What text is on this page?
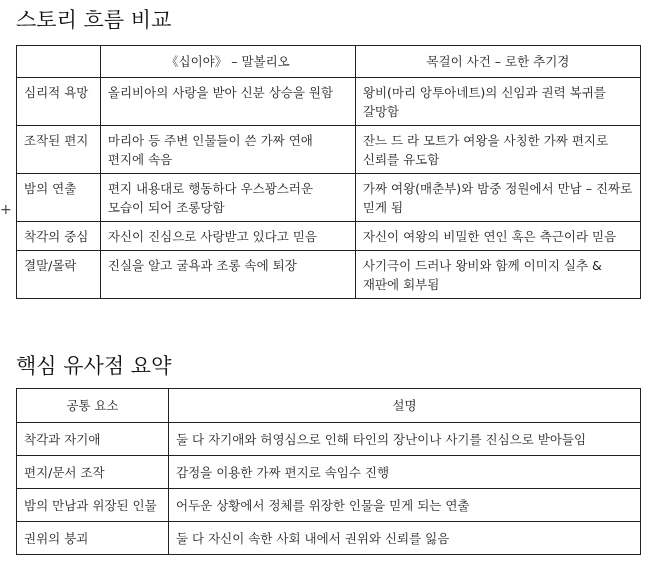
+
스토리 흐름 비교
	《십이야》 – 말볼리오	목걸이 사건 – 로한 추기경
심리적 욕망	올리비아의 사랑을 받아 신분 상승을 원함	왕비(마리 앙투아네트)의 신임과 권력 복귀를 갈망함
조작된 편지	마리아 등 주변 인물들이 쓴 가짜 연애 편지에 속음	잔느 드 라 모트가 여왕을 사칭한 가짜 편지로 신뢰를 유도함
밤의 연출	편지 내용대로 행동하다 우스꽝스러운 모습이 되어 조롱당함	가짜 여왕(매춘부)와 밤중 정원에서 만남 – 진짜로 믿게 됨
착각의 중심	자신이 진심으로 사랑받고 있다고 믿음	자신이 여왕의 비밀한 연인 혹은 측근이라 믿음
결말/몰락	진실을 알고 굴욕과 조롱 속에 퇴장	사기극이 드러나 왕비와 함께 이미지 실추 & 재판에 회부됨
핵심 유사점 요약
공통 요소	설명
착각과 자기애	둘 다 자기애와 허영심으로 인해 타인의 장난이나 사기를 진심으로 받아들임
편지/문서 조작	감정을 이용한 가짜 편지로 속임수 진행
밤의 만남과 위장된 인물	어두운 상황에서 정체를 위장한 인물을 믿게 되는 연출
권위의 붕괴	둘 다 자신이 속한 사회 내에서 권위와 신뢰를 잃음
